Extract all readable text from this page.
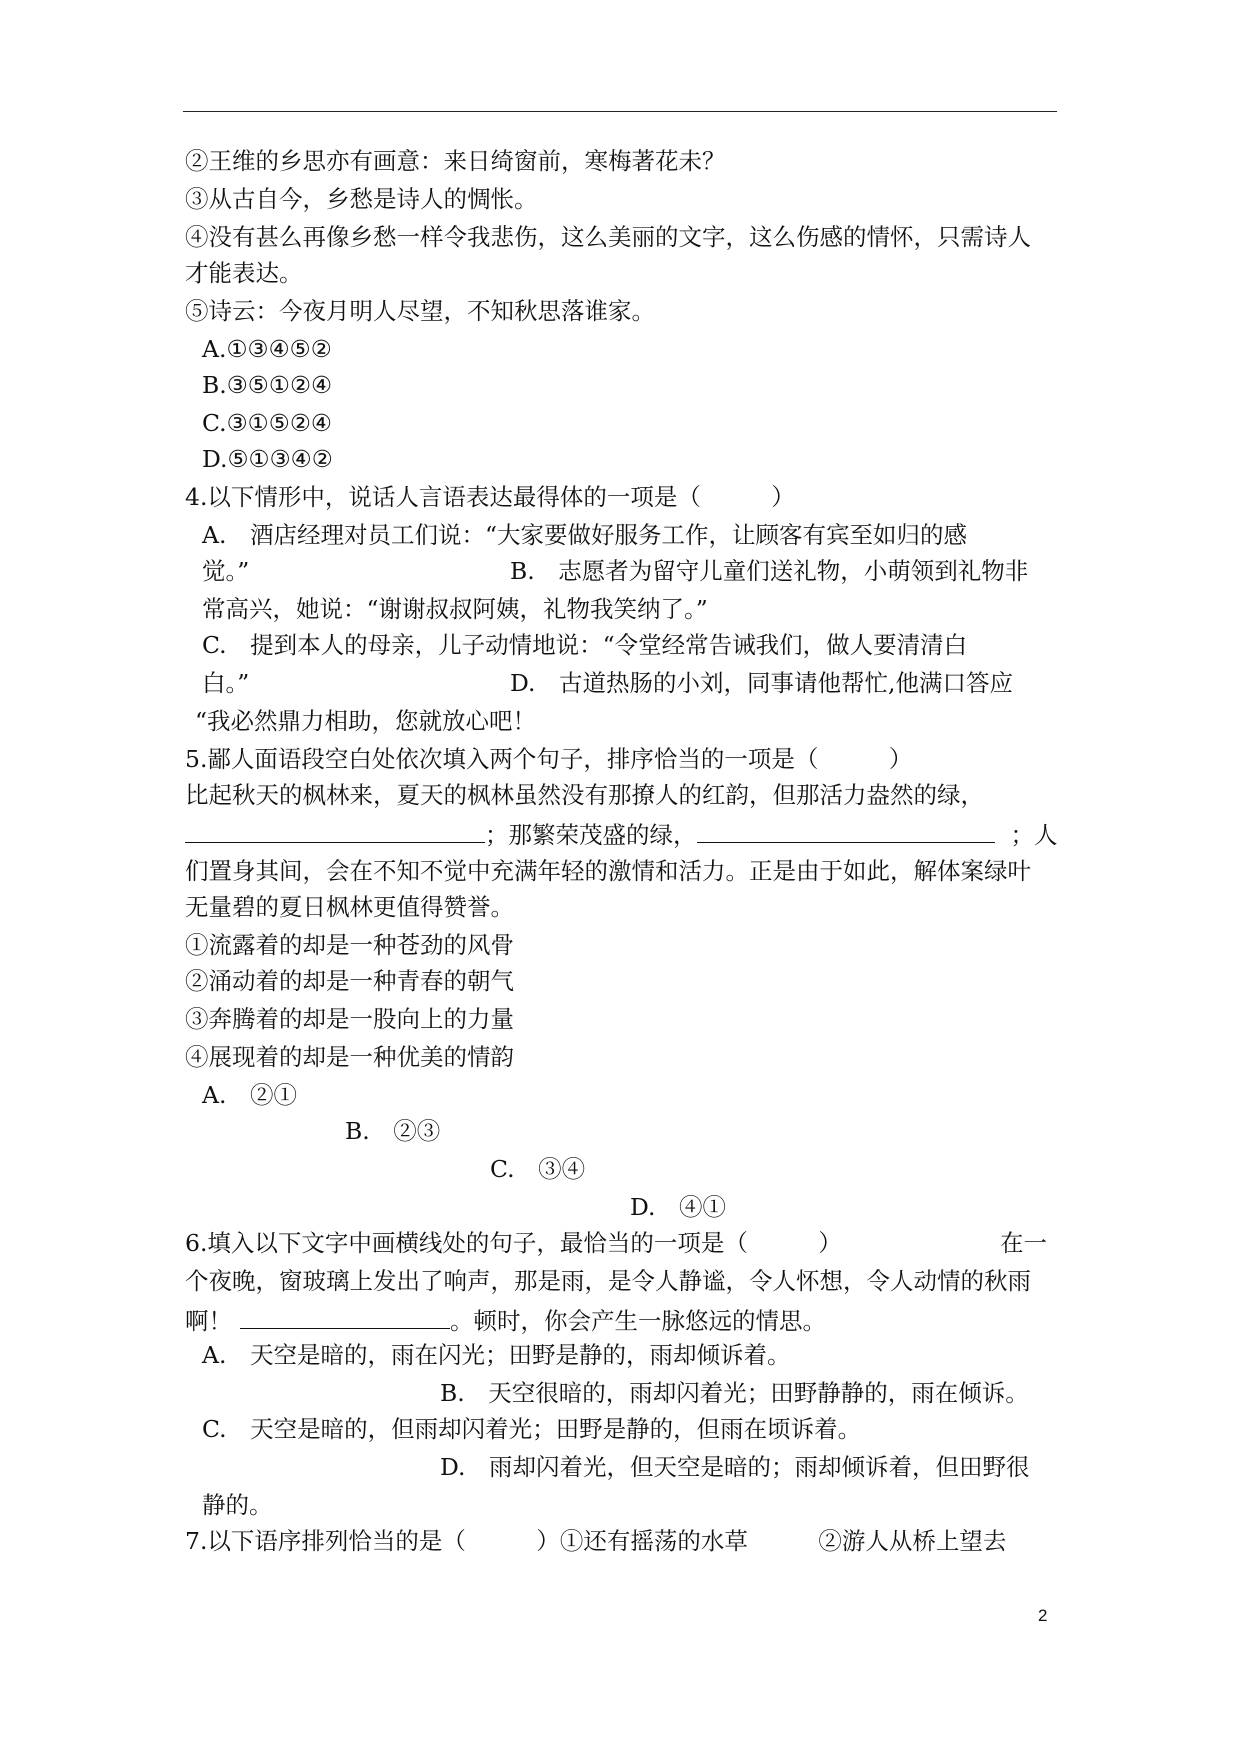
②王维的乡思亦有画意：来日绮窗前，寒梅著花未？
③从古自今，乡愁是诗人的惆怅。
④没有甚么再像乡愁一样令我悲伤，这么美丽的文字，这么伤感的情怀，只需诗人
才能表达。
⑤诗云：今夜月明人尽望，不知秋思落谁家。
A.①③④⑤②
B.③⑤①②④
C.③①⑤②④
D.⑤①③④②
4.以下情形中，说话人言语表达最得体的一项是（　　　）
A.　酒店经理对员工们说：“大家要做好服务工作，让顾客有宾至如归的感
觉。”	B.　志愿者为留守儿童们送礼物，小萌领到礼物非
常高兴，她说：“谢谢叔叔阿姨，礼物我笑纳了。”
C.　提到本人的母亲，儿子动情地说：“令堂经常告诫我们，做人要清清白
白。”	D.　古道热肠的小刘，同事请他帮忙,他满口答应
“我必然鼎力相助，您就放心吧！
5.鄙人面语段空白处依次填入两个句子，排序恰当的一项是（　　　）
比起秋天的枫林来，夏天的枫林虽然没有那撩人的红韵，但那活力盎然的绿，
；那繁荣茂盛的绿，	；人
们置身其间，会在不知不觉中充满年轻的激情和活力。正是由于如此，解体案绿叶
无量碧的夏日枫林更值得赞誉。
①流露着的却是一种苍劲的风骨
②涌动着的却是一种青春的朝气
③奔腾着的却是一股向上的力量
④展现着的却是一种优美的情韵
A.　②①
B.　②③
C.　③④
D.　④①
6.填入以下文字中画横线处的句子，最恰当的一项是（　　　）	在一
个夜晚，窗玻璃上发出了响声，那是雨，是令人静谧，令人怀想，令人动情的秋雨
啊！	。顿时，你会产生一脉悠远的情思。
A.　天空是暗的，雨在闪光；田野是静的，雨却倾诉着。
B.　天空很暗的，雨却闪着光；田野静静的，雨在倾诉。
C.　天空是暗的，但雨却闪着光；田野是静的，但雨在顷诉着。
D.　雨却闪着光，但天空是暗的；雨却倾诉着，但田野很
静的。
7.以下语序排列恰当的是（　　　）①还有摇荡的水草　　　②游人从桥上望去
2
